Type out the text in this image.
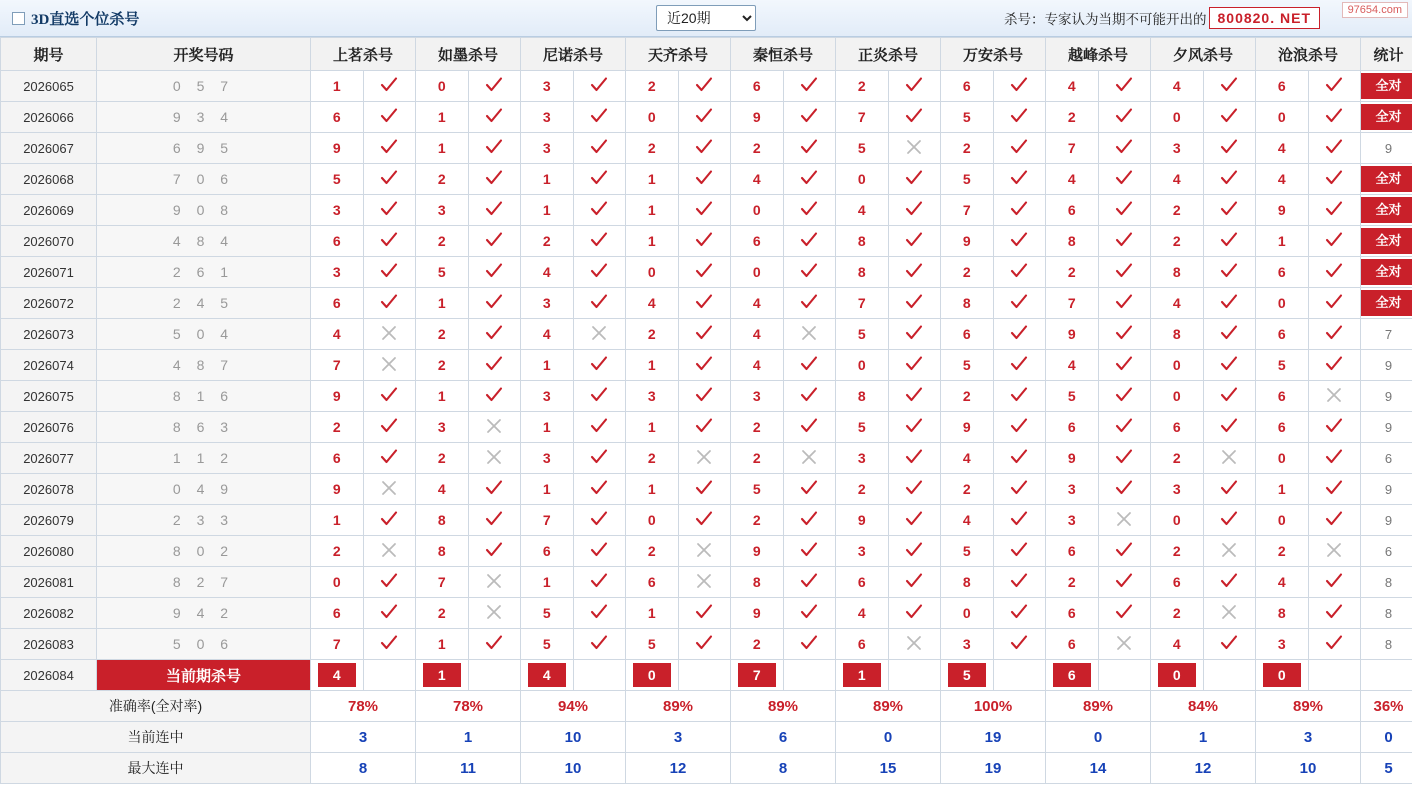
3D直选个位杀号
近20期	杀号：专家认为当期不可能开出的 800820. NET	97654.com
期号	开奖号码	上茗杀号		如墨杀号		尼诺杀号		天齐杀号		秦恒杀号		正炎杀号		万安杀号		越峰杀号		夕风杀号		沧浪杀号		统计
2026065	0 5 7	1		0		3		2		6		2		6		4		4		6		全对

2026066	9 3 4	6		1		3		0		9		7		5		2		0		0		全对

2026067	6 9 5	9		1		3		2		2		5		2		7		3		4		9
2026068	7 0 6	5		2		1		1		4		0		5		4		4		4		全对

2026069	9 0 8	3		3		1		1		0		4		7		6		2		9		全对

2026070	4 8 4	6		2		2		1		6		8		9		8		2		1		全对

2026071	2 6 1	3		5		4		0		0		8		2		2		8		6		全对

2026072	2 4 5	6		1		3		4		4		7		8		7		4		0		全对

2026073	5 0 4	4		2		4		2		4		5		6		9		8		6		7
2026074	4 8 7	7		2		1		1		4		0		5		4		0		5		9
2026075	8 1 6	9		1		3		3		3		8		2		5		0		6		9
2026076	8 6 3	2		3		1		1		2		5		9		6		6		6		9
2026077	1 1 2	6		2		3		2		2		3		4		9		2		0		6
2026078	0 4 9	9		4		1		1		5		2		2		3		3		1		9
2026079	2 3 3	1		8		7		0		2		9		4		3		0		0		9
2026080	8 0 2	2		8		6		2		9		3		5		6		2		2		6
2026081	8 2 7	0		7		1		6		8		6		8		2		6		4		8
2026082	9 4 2	6		2		5		1		9		4		0		6		2		8		8
2026083	5 0 6	7		1		5		5		2		6		3		6		4		3		8
2026084	当前期杀号	4		1		4		0		7		1		5		6		0		0		

准确率(全对率)		78%		78%		94%		89%		89%		89%		100%		89%		84%		89%		36%
当前连中		3		1		10		3		6		0		19		0		1		3		0
最大连中		8		11		10		12		8		15		19		14		12		10		5
